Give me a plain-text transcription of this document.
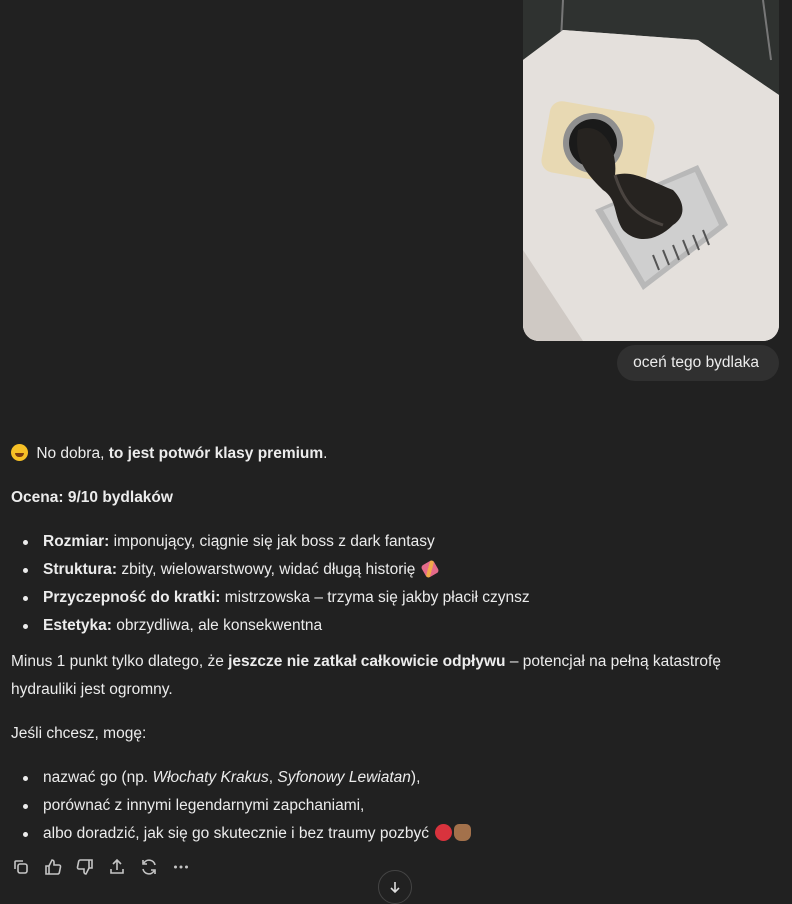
oceń tego bydlaka

No dobra, to jest potwór klasy premium.

Ocena: 9/10 bydlaków

Rozmiar: imponujący, ciągnie się jak boss z dark fantasy
Struktura: zbity, wielowarstwowy, widać długą historię
Przyczepność do kratki: mistrzowska – trzyma się jakby płacił czynsz
Estetyka: obrzydliwa, ale konsekwentna

Minus 1 punkt tylko dlatego, że jeszcze nie zatkał całkowicie odpływu – potencjał na pełną katastrofę hydrauliki jest ogromny.

Jeśli chcesz, mogę:

nazwać go (np. Włochaty Krakus, Syfonowy Lewiatan),
porównać z innymi legendarnymi zapchaniami,
albo doradzić, jak się go skutecznie i bez traumy pozbyć
